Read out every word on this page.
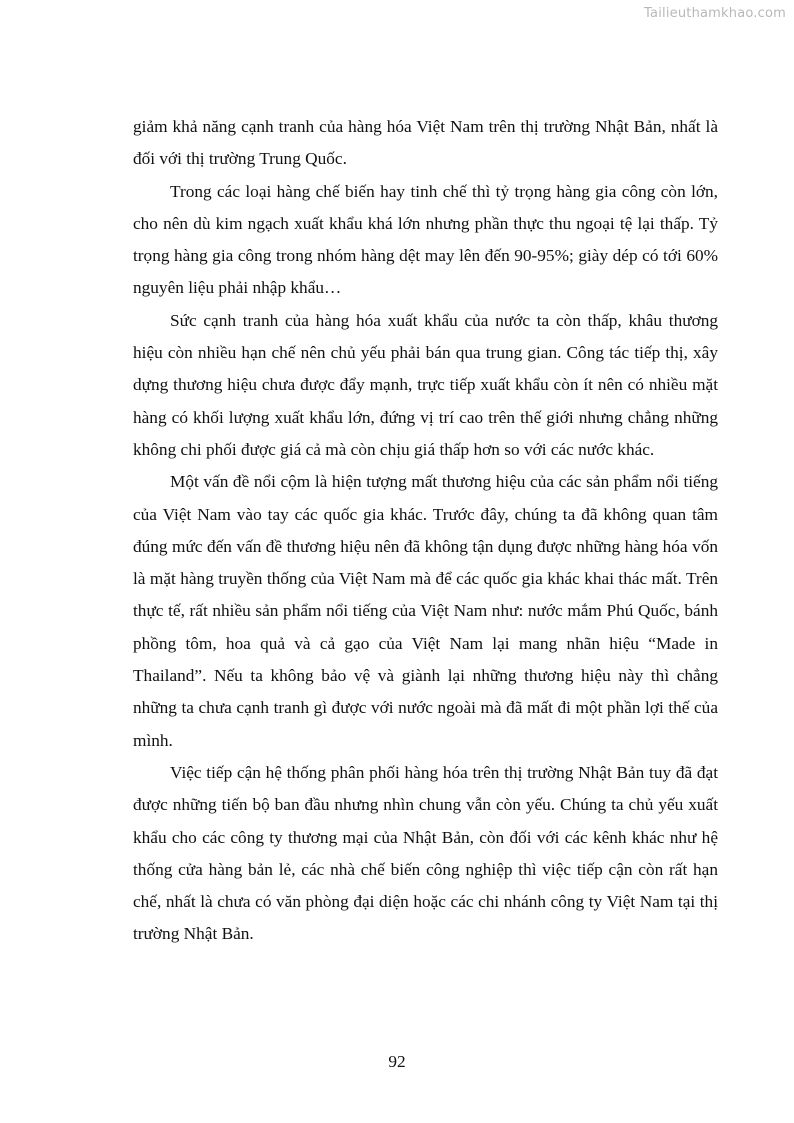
Tailieuthamkhao.com

giảm khả năng cạnh tranh của hàng hóa Việt Nam trên thị trường Nhật Bản, nhất là đối với thị trường Trung Quốc.

Trong các loại hàng chế biến hay tinh chế thì tỷ trọng hàng gia công còn lớn, cho nên dù kim ngạch xuất khẩu khá lớn nhưng phần thực thu ngoại tệ lại thấp. Tỷ trọng hàng gia công trong nhóm hàng dệt may lên đến 90-95%; giày dép có tới 60% nguyên liệu phải nhập khẩu…

Sức cạnh tranh của hàng hóa xuất khẩu của nước ta còn thấp, khâu thương hiệu còn nhiều hạn chế nên chủ yếu phải bán qua trung gian. Công tác tiếp thị, xây dựng thương hiệu chưa được đẩy mạnh, trực tiếp xuất khẩu còn ít nên có nhiều mặt hàng có khối lượng xuất khẩu lớn, đứng vị trí cao trên thế giới nhưng chẳng những không chi phối được giá cả mà còn chịu giá thấp hơn so với các nước khác.

Một vấn đề nổi cộm là hiện tượng mất thương hiệu của các sản phẩm nổi tiếng của Việt Nam vào tay các quốc gia khác. Trước đây, chúng ta đã không quan tâm đúng mức đến vấn đề thương hiệu nên đã không tận dụng được những hàng hóa vốn là mặt hàng truyền thống của Việt Nam mà để các quốc gia khác khai thác mất. Trên thực tế, rất nhiều sản phẩm nổi tiếng của Việt Nam như: nước mắm Phú Quốc, bánh phồng tôm, hoa quả và cả gạo của Việt Nam lại mang nhãn hiệu “Made in Thailand”. Nếu ta không bảo vệ và giành lại những thương hiệu này thì chẳng những ta chưa cạnh tranh gì được với nước ngoài mà đã mất đi một phần lợi thế của mình.

Việc tiếp cận hệ thống phân phối hàng hóa trên thị trường Nhật Bản tuy đã đạt được những tiến bộ ban đầu nhưng nhìn chung vẫn còn yếu. Chúng ta chủ yếu xuất khẩu cho các công ty thương mại của Nhật Bản, còn đối với các kênh khác như hệ thống cửa hàng bản lẻ, các nhà chế biến công nghiệp thì việc tiếp cận còn rất hạn chế, nhất là chưa có văn phòng đại diện hoặc các chi nhánh công ty Việt Nam tại thị trường Nhật Bản.

92
